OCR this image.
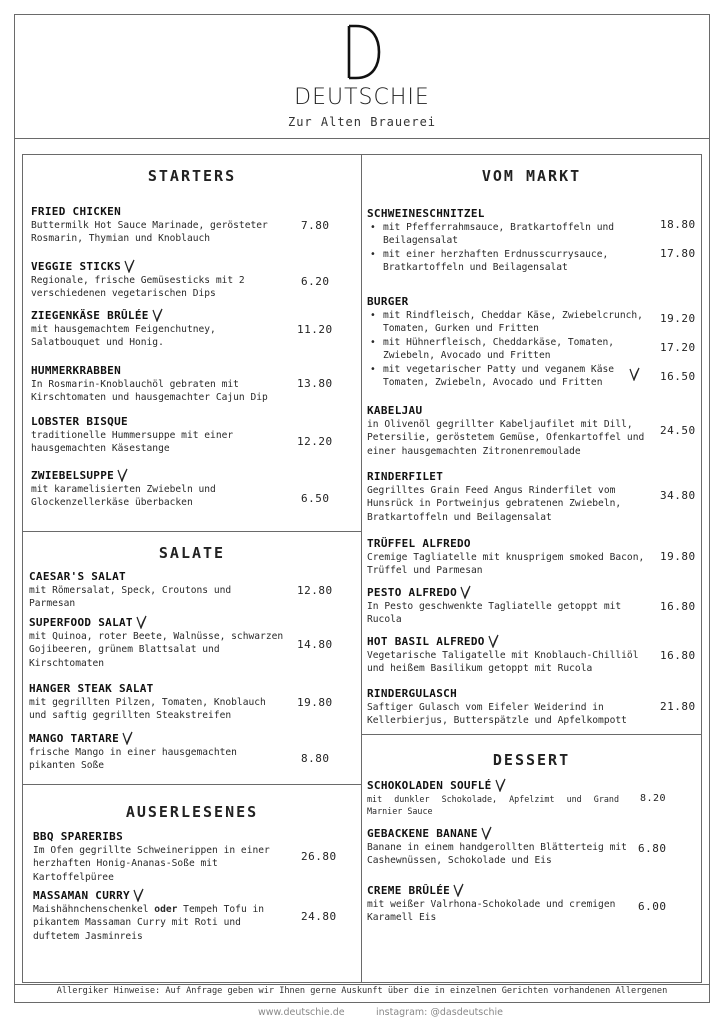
DEUTSCHIE
Zur Alten Brauerei
STARTERS
FRIED CHICKEN
Buttermilk Hot Sauce Marinade, gerösteter Rosmarin, Thymian und Knoblauch
7.80
VEGGIE STICKS
Regionale, frische Gemüsesticks mit 2 verschiedenen vegetarischen Dips
6.20
ZIEGENKÄSE BRÛLÉE
mit hausgemachtem Feigenchutney, Salatbouquet und Honig.
11.20
HUMMERKRABBEN
In Rosmarin-Knoblauchöl gebraten mit Kirschtomaten und hausgemachter Cajun Dip
13.80
LOBSTER BISQUE
traditionelle Hummersuppe mit einer hausgemachten Käsestange
12.20
ZWIEBELSUPPE
mit karamelisierten Zwiebeln und Glockenzellerkäse überbacken	6.50
SALATE
CAESAR'S SALAT
mit Römersalat, Speck, Croutons und Parmesan
12.80
SUPERFOOD SALAT
mit Quinoa, roter Beete, Walnüsse, schwarzen Gojibeeren, grünem Blattsalat und Kirschtomaten
14.80
HANGER STEAK SALAT
mit gegrillten Pilzen, Tomaten, Knoblauch und saftig gegrillten Steakstreifen
19.80
MANGO TARTARE
frische Mango in einer hausgemachten pikanten Soße
8.80
AUSERLESENES
BBQ SPARERIBS
Im Ofen gegrillte Schweinerippen in einer herzhaften Honig-Ananas-Soße mit Kartoffelpüree
26.80
MASSAMAN CURRY
Maishähnchenschenkel oder Tempeh Tofu in pikantem Massaman Curry mit Roti und duftetem Jasminreis
24.80
VOM MARKT
SCHWEINESCHNITZEL
• mit Pfefferrahmsauce, Bratkartoffeln und Beilagensalat
• mit einer herzhaften Erdnusscurrysauce, Bratkartoffeln und Beilagensalat
18.80
17.80
BURGER
• mit Rindfleisch, Cheddar Käse, Zwiebelcrunch, Tomaten, Gurken und Fritten
• mit Hühnerfleisch, Cheddarkäse, Tomaten, Zwiebeln, Avocado und Fritten
• mit vegetarischer Patty und veganem Käse Tomaten, Zwiebeln, Avocado und Fritten
19.20
17.20
16.50
KABELJAU
in Olivenöl gegrillter Kabeljaufilet mit Dill, Petersilie, geröstetem Gemüse, Ofenkartoffel und einer hausgemachten Zitronenremoulade
24.50
RINDERFILET
Gegrilltes Grain Feed Angus Rinderfilet vom Hunsrück in Portweinjus gebratenen Zwiebeln, Bratkartoffeln und Beilagensalat
34.80
TRÜFFEL ALFREDO
Cremige Tagliatelle mit knusprigem smoked Bacon, Trüffel und Parmesan
19.80
PESTO ALFREDO
In Pesto geschwenkte Tagliatelle getoppt mit Rucola
16.80
HOT BASIL ALFREDO
Vegetarische Taligatelle mit Knoblauch-Chilliöl und heißem Basilikum getoppt mit Rucola
16.80
RINDERGULASCH
Saftiger Gulasch vom Eifeler Weiderind in Kellerbierjus, Butterspätzle und Apfelkompott
21.80
DESSERT
SCHOKOLADEN SOUFLÉ
mit dunkler Schokolade, Apfelzimt und Grand Marnier Sauce
8.20
GEBACKENE BANANE
Banane in einem handgerollten Blätterteig mit Cashewnüssen, Schokolade und Eis
6.80
CREME BRÛLÉE
mit weißer Valrhona-Schokolade und cremigen Karamell Eis
6.00
Allergiker Hinweise: Auf Anfrage geben wir Ihnen gerne Auskunft über die in einzelnen Gerichten vorhandenen Allergenen
www.deutschie.de	instagram: @dasdeutschie
